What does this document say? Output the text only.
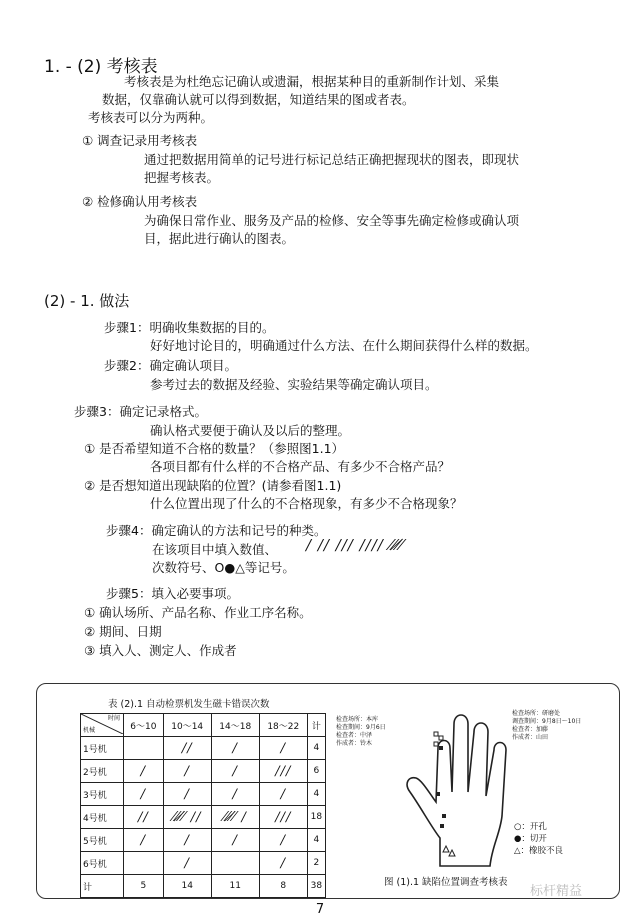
1. - (2) 考核表
考核表是为杜绝忘记确认或遗漏，根据某种目的重新制作计划、采集
数据，仅靠确认就可以得到数据，知道结果的图或者表。
考核表可以分为两种。
① 调查记录用考核表
通过把数据用简单的记号进行标记总结正确把握现状的图表，即现状
把握考核表。
② 检修确认用考核表
为确保日常作业、服务及产品的检修、安全等事先确定检修或确认项
目，据此进行确认的图表。
(2) - 1. 做法
步骤1：明确收集数据的目的。
好好地讨论目的，明确通过什么方法、在什么期间获得什么样的数据。
步骤2：确定确认项目。
参考过去的数据及经验、实验结果等确定确认项目。
步骤3：确定记录格式。
确认格式要便于确认及以后的整理。
① 是否希望知道不合格的数量？（参照图1.1）
各项目都有什么样的不合格产品、有多少不合格产品？
② 是否想知道出现缺陷的位置？(请参看图1.1)
什么位置出现了什么的不合格现象，有多少不合格现象？
步骤4：确定确认的方法和记号的种类。
在该项目中填入数值、 / // /// //// ⁄⁄⁄⁄̸
次数符号、O●△等记号。
步骤5：填入必要事项。
① 确认场所、产品名称、作业工序名称。
② 期间、日期
③ 填入人、测定人、作成者
表 (2).1 自动检票机发生磁卡错误次数
时间
机械	6～10	10～14	14～18	18～22	计
1号机		//	/	/	4
2号机	/	/	/	///	6
3号机	/	/	/	/	4
4号机	//	⁄⁄⁄⁄̸ //	⁄⁄⁄⁄̸ /	///	18
5号机	/	/	/	/	4
6号机		/		/	2
计	5	14	11	8	38
检查场所：本库
检查期间：9月6日
检查者：中泽
作成者：铃木
检查场所：研磨处
调查期间：9月8日～10日
检查者：加藤
作成者：山田
○：开孔
●：切开
△：橡胶不良
图 (1).1 缺陷位置调查考核表
标杆精益
7
